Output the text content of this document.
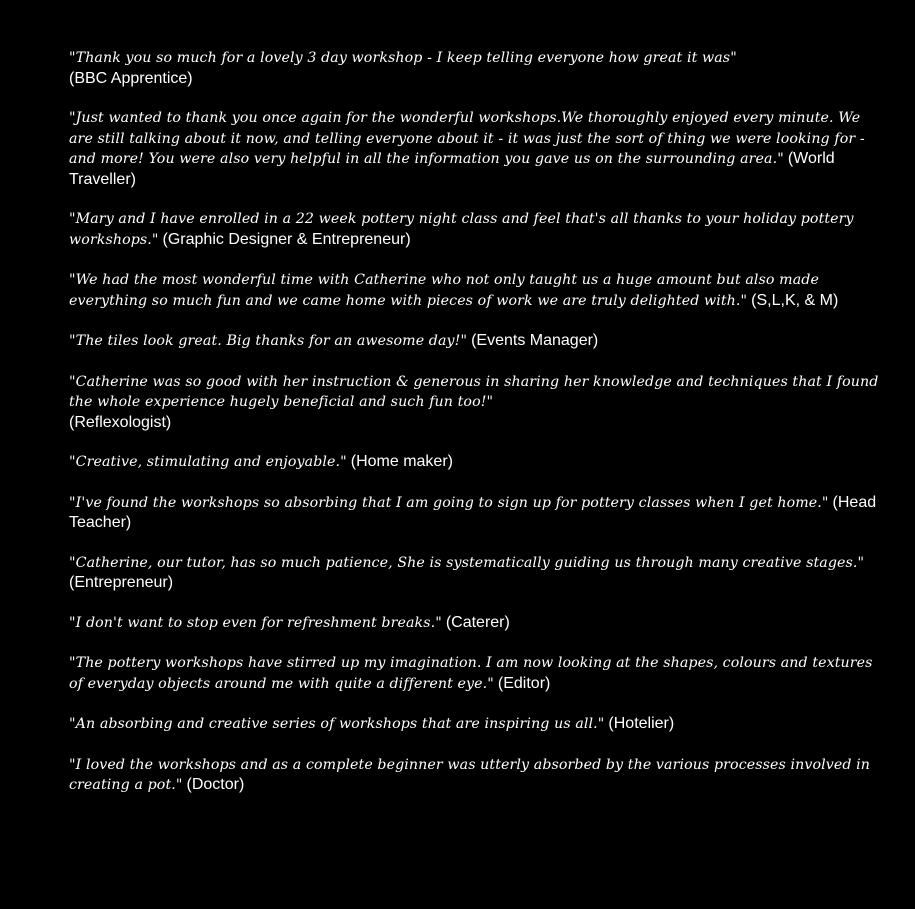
"Thank you so much for a lovely 3 day workshop - I keep telling everyone how great it was"
(BBC Apprentice)

"Just wanted to thank you once again for the wonderful workshops.We thoroughly enjoyed every minute. We are still talking about it now, and telling everyone about it - it was just the sort of thing we were looking for - and more! You were also very helpful in all the information you gave us on the surrounding area." (World Traveller)

"Mary and I have enrolled in a 22 week pottery night class and feel that's all thanks to your holiday pottery workshops." (Graphic Designer & Entrepreneur)

"We had the most wonderful time with Catherine who not only taught us a huge amount but also made everything so much fun and we came home with pieces of work we are truly delighted with." (S,L,K, & M)

"The tiles look great. Big thanks for an awesome day!" (Events Manager)

"Catherine was so good with her instruction & generous in sharing her knowledge and techniques that I found the whole experience hugely beneficial and such fun too!"
(Reflexologist)

"Creative, stimulating and enjoyable." (Home maker)

"I've found the workshops so absorbing that I am going to sign up for pottery classes when I get home." (Head Teacher)

"Catherine, our tutor, has so much patience, She is systematically guiding us through many creative stages." (Entrepreneur)

"I don't want to stop even for refreshment breaks." (Caterer)

"The pottery workshops have stirred up my imagination. I am now looking at the shapes, colours and textures of everyday objects around me with quite a different eye." (Editor)

"An absorbing and creative series of workshops that are inspiring us all." (Hotelier)

"I loved the workshops and as a complete beginner was utterly absorbed by the various processes involved in creating a pot." (Doctor)
